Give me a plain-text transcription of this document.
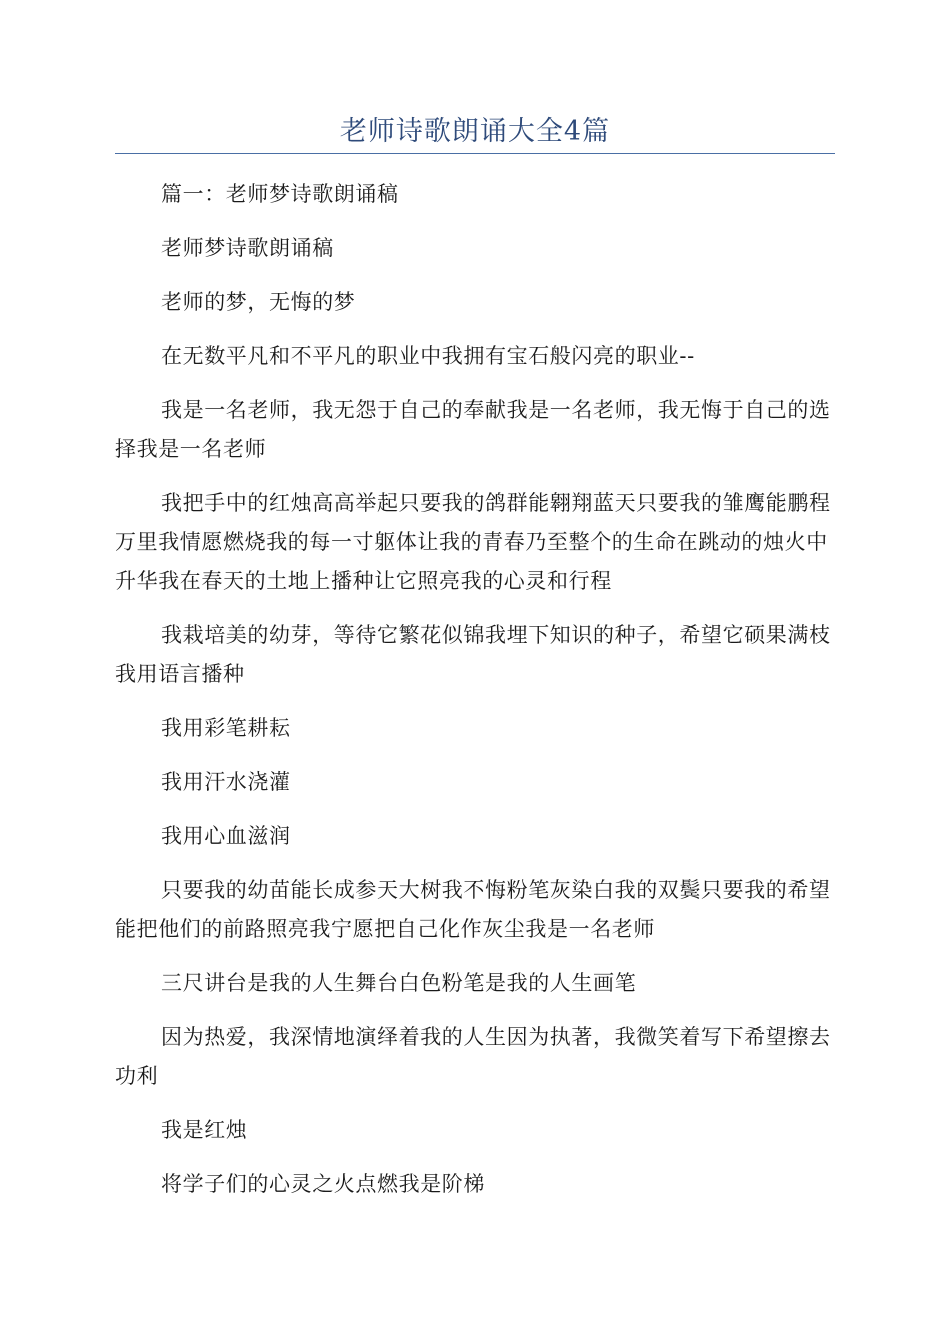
老师诗歌朗诵大全4篇

篇一：老师梦诗歌朗诵稿

老师梦诗歌朗诵稿

老师的梦，无悔的梦

在无数平凡和不平凡的职业中我拥有宝石般闪亮的职业--

我是一名老师，我无怨于自己的奉献我是一名老师，我无悔于自己的选择我是一名老师

我把手中的红烛高高举起只要我的鸽群能翱翔蓝天只要我的雏鹰能鹏程万里我情愿燃烧我的每一寸躯体让我的青春乃至整个的生命在跳动的烛火中升华我在春天的土地上播种让它照亮我的心灵和行程

我栽培美的幼芽，等待它繁花似锦我埋下知识的种子，希望它硕果满枝我用语言播种

我用彩笔耕耘

我用汗水浇灌

我用心血滋润

只要我的幼苗能长成参天大树我不悔粉笔灰染白我的双鬓只要我的希望能把他们的前路照亮我宁愿把自己化作灰尘我是一名老师

三尺讲台是我的人生舞台白色粉笔是我的人生画笔

因为热爱，我深情地演绎着我的人生因为执著，我微笑着写下希望擦去功利

我是红烛

将学子们的心灵之火点燃我是阶梯
